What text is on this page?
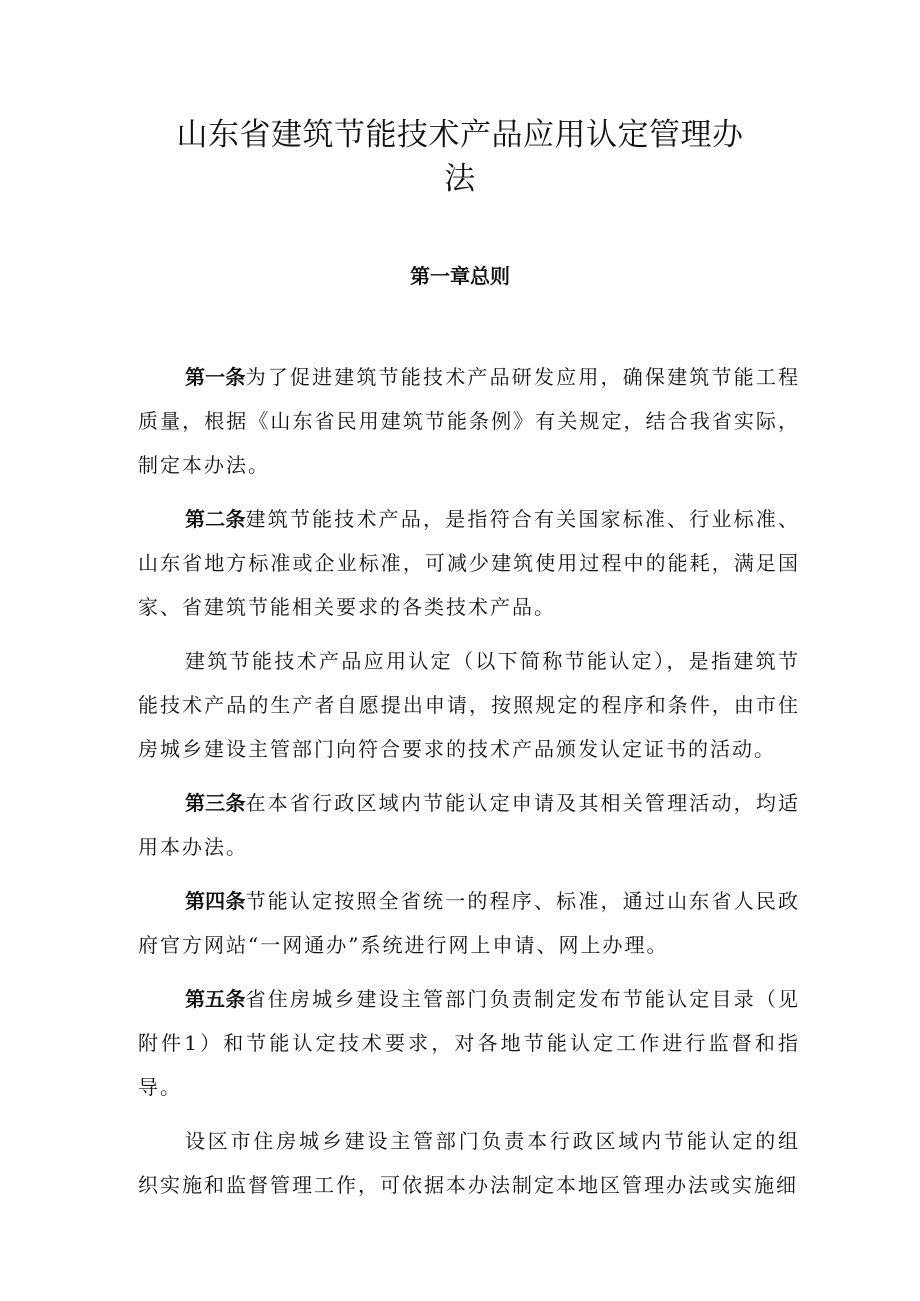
山东省建筑节能技术产品应用认定管理办
法
第一章总则

第一条为了促进建筑节能技术产品研发应用，确保建筑节能工程质量，根据《山东省民用建筑节能条例》有关规定，结合我省实际，制定本办法。

第二条建筑节能技术产品，是指符合有关国家标准、行业标准、山东省地方标准或企业标准，可减少建筑使用过程中的能耗，满足国家、省建筑节能相关要求的各类技术产品。

建筑节能技术产品应用认定（以下简称节能认定），是指建筑节能技术产品的生产者自愿提出申请，按照规定的程序和条件，由市住房城乡建设主管部门向符合要求的技术产品颁发认定证书的活动。

第三条在本省行政区域内节能认定申请及其相关管理活动，均适用本办法。

第四条节能认定按照全省统一的程序、标准，通过山东省人民政府官方网站“一网通办”系统进行网上申请、网上办理。

第五条省住房城乡建设主管部门负责制定发布节能认定目录（见附件1）和节能认定技术要求，对各地节能认定工作进行监督和指导。

设区市住房城乡建设主管部门负责本行政区域内节能认定的组织实施和监督管理工作，可依据本办法制定本地区管理办法或实施细
